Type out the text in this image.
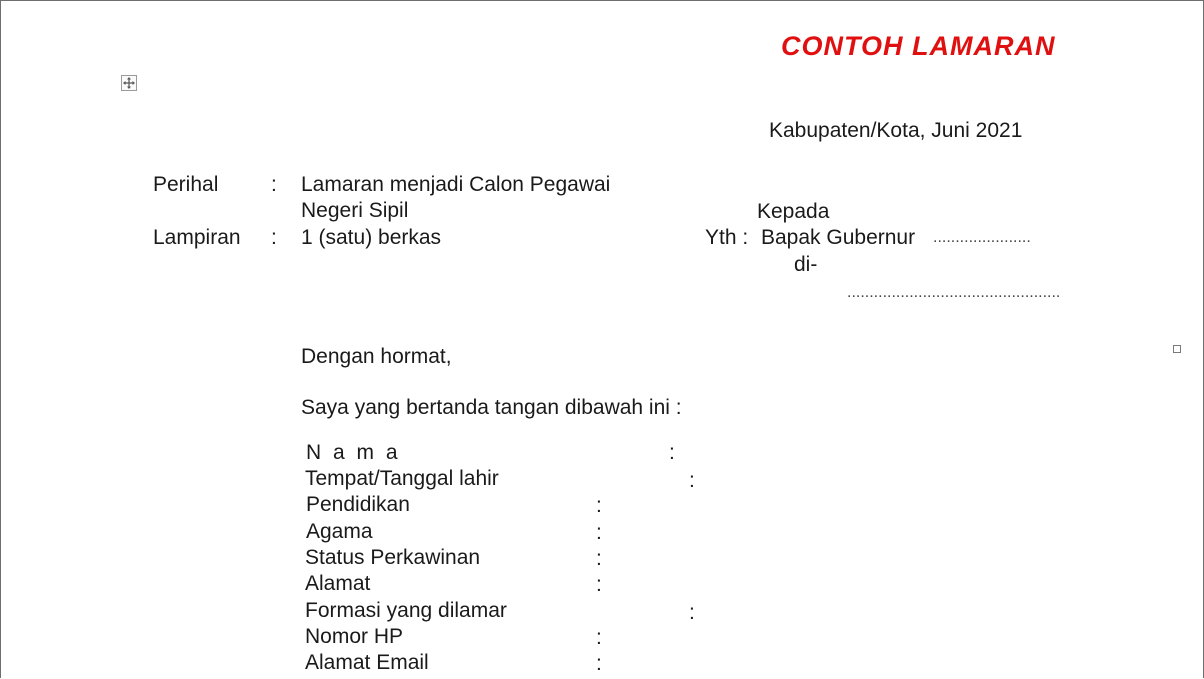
CONTOH LAMARAN
Kabupaten/Kota, Juni 2021
Perihal	: Lamaran menjadi Calon Pegawai
Negeri Sipil
Lampiran : 1 (satu) berkas
Kepada
Yth : Bapak Gubernur ......................
di-
................................................
Dengan hormat,
Saya yang bertanda tangan dibawah ini :
N a m a	:
Tempat/Tanggal lahir	:
Pendidikan	:
Agama	:
Status Perkawinan	:
Alamat	:
Formasi yang dilamar	:
Nomor HP	:
Alamat Email	:
